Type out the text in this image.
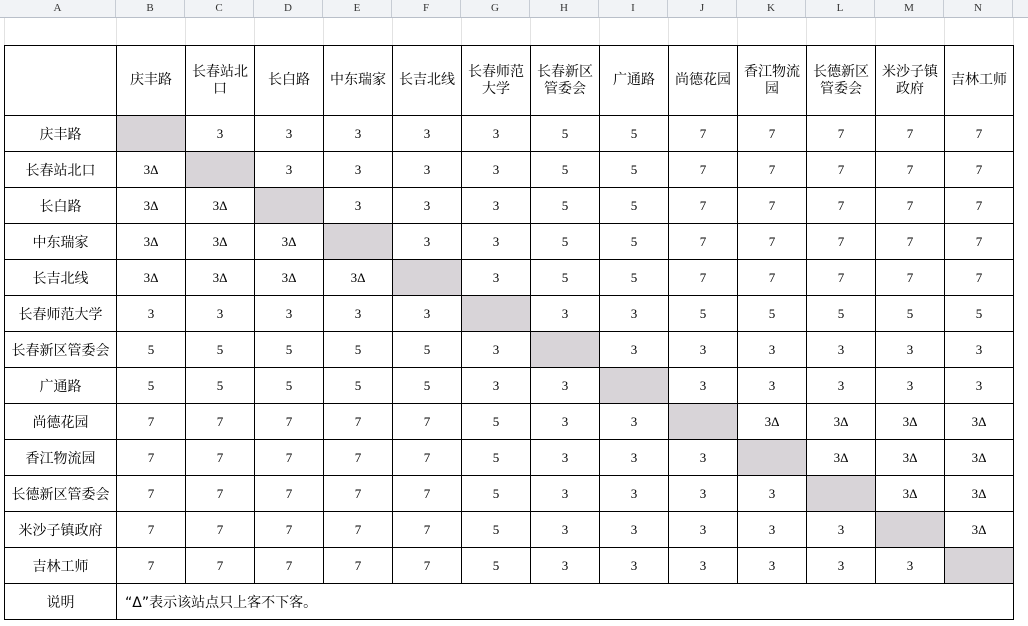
A	B	C	D	E	F	G	H	I	J	K	L	M	N
	庆丰路	长春站北口	长白路	中东瑞家	长吉北线	长春师范大学	长春新区管委会	广通路	尚德花园	香江物流园	长德新区管委会	米沙子镇政府	吉林工师
庆丰路		3	3	3	3	3	5	5	7	7	7	7	7
长春站北口	3Δ		3	3	3	3	5	5	7	7	7	7	7
长白路	3Δ	3Δ		3	3	3	5	5	7	7	7	7	7
中东瑞家	3Δ	3Δ	3Δ		3	3	5	5	7	7	7	7	7
长吉北线	3Δ	3Δ	3Δ	3Δ		3	5	5	7	7	7	7	7
长春师范大学	3	3	3	3	3		3	3	5	5	5	5	5
长春新区管委会	5	5	5	5	5	3		3	3	3	3	3	3
广通路	5	5	5	5	5	3	3		3	3	3	3	3
尚德花园	7	7	7	7	7	5	3	3		3Δ	3Δ	3Δ	3Δ
香江物流园	7	7	7	7	7	5	3	3	3		3Δ	3Δ	3Δ
长德新区管委会	7	7	7	7	7	5	3	3	3	3		3Δ	3Δ
米沙子镇政府	7	7	7	7	7	5	3	3	3	3	3		3Δ
吉林工师	7	7	7	7	7	5	3	3	3	3	3	3	
说明	“Δ”表示该站点只上客不下客。												
